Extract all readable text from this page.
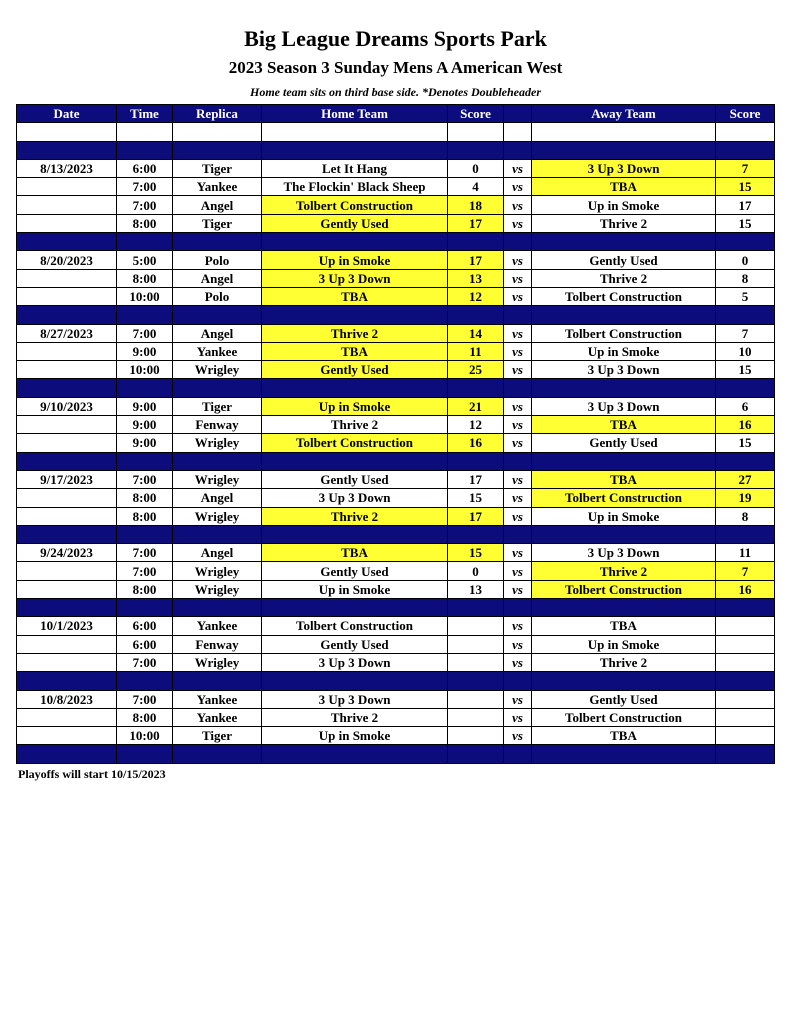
Big League Dreams Sports Park
2023 Season 3 Sunday Mens A American West
Home team sits on third base side. *Denotes Doubleheader
Date	Time	Replica	Home Team	Score		Away Team	Score

8/13/2023	6:00	Tiger	Let It Hang	0	vs	3 Up 3 Down	7
	7:00	Yankee	The Flockin' Black Sheep	4	vs	TBA	15
	7:00	Angel	Tolbert Construction	18	vs	Up in Smoke	17
	8:00	Tiger	Gently Used	17	vs	Thrive 2	15

8/20/2023	5:00	Polo	Up in Smoke	17	vs	Gently Used	0
	8:00	Angel	3 Up 3 Down	13	vs	Thrive 2	8
	10:00	Polo	TBA	12	vs	Tolbert Construction	5

8/27/2023	7:00	Angel	Thrive 2	14	vs	Tolbert Construction	7
	9:00	Yankee	TBA	11	vs	Up in Smoke	10
	10:00	Wrigley	Gently Used	25	vs	3 Up 3 Down	15

9/10/2023	9:00	Tiger	Up in Smoke	21	vs	3 Up 3 Down	6
	9:00	Fenway	Thrive 2	12	vs	TBA	16
	9:00	Wrigley	Tolbert Construction	16	vs	Gently Used	15

9/17/2023	7:00	Wrigley	Gently Used	17	vs	TBA	27
	8:00	Angel	3 Up 3 Down	15	vs	Tolbert Construction	19
	8:00	Wrigley	Thrive 2	17	vs	Up in Smoke	8

9/24/2023	7:00	Angel	TBA	15	vs	3 Up 3 Down	11
	7:00	Wrigley	Gently Used	0	vs	Thrive 2	7
	8:00	Wrigley	Up in Smoke	13	vs	Tolbert Construction	16

10/1/2023	6:00	Yankee	Tolbert Construction		vs	TBA	
	6:00	Fenway	Gently Used		vs	Up in Smoke	
	7:00	Wrigley	3 Up 3 Down		vs	Thrive 2	

10/8/2023	7:00	Yankee	3 Up 3 Down		vs	Gently Used	
	8:00	Yankee	Thrive 2		vs	Tolbert Construction	
	10:00	Tiger	Up in Smoke		vs	TBA	

Playoffs will start 10/15/2023
